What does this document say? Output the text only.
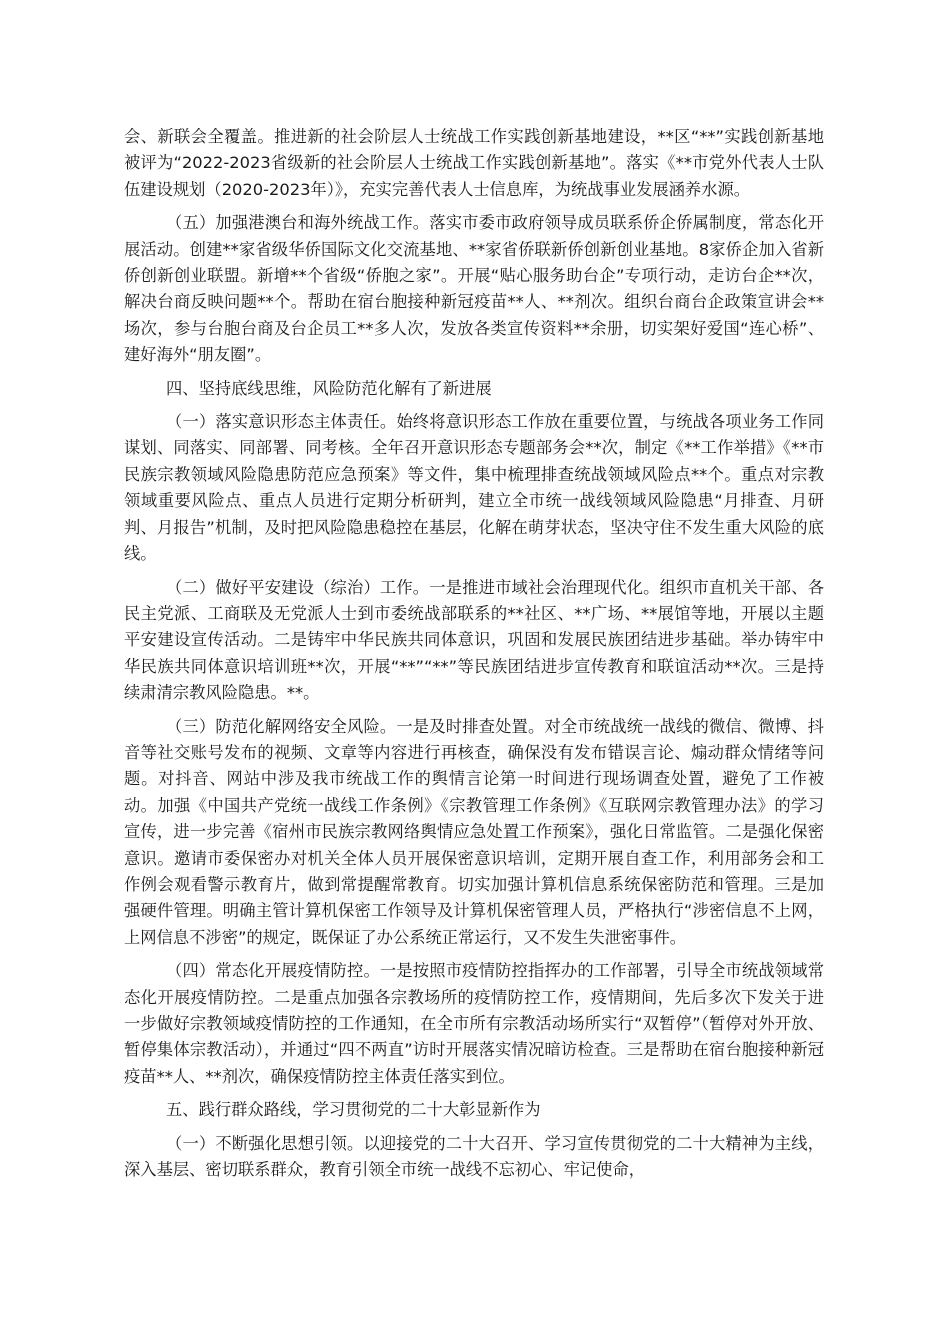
会、新联会全覆盖。推进新的社会阶层人士统战工作实践创新基地建设，**区“**”实践创新基地被评为“2022-2023省级新的社会阶层人士统战工作实践创新基地”。落实《**市党外代表人士队伍建设规划（2020-2023年）》，充实完善代表人士信息库，为统战事业发展涵养水源。

（五）加强港澳台和海外统战工作。落实市委市政府领导成员联系侨企侨属制度，常态化开展活动。创建**家省级华侨国际文化交流基地、**家省侨联新侨创新创业基地。8家侨企加入省新侨创新创业联盟。新增**个省级“侨胞之家”。开展“贴心服务助台企”专项行动，走访台企**次，解决台商反映问题**个。帮助在宿台胞接种新冠疫苗**人、**剂次。组织台商台企政策宣讲会**场次，参与台胞台商及台企员工**多人次，发放各类宣传资料**余册，切实架好爱国“连心桥”、建好海外“朋友圈”。

四、坚持底线思维，风险防范化解有了新进展

（一）落实意识形态主体责任。始终将意识形态工作放在重要位置，与统战各项业务工作同谋划、同落实、同部署、同考核。全年召开意识形态专题部务会**次，制定《**工作举措》《**市民族宗教领域风险隐患防范应急预案》等文件，集中梳理排查统战领域风险点**个。重点对宗教领域重要风险点、重点人员进行定期分析研判，建立全市统一战线领域风险隐患“月排查、月研判、月报告”机制，及时把风险隐患稳控在基层，化解在萌芽状态，坚决守住不发生重大风险的底线。

（二）做好平安建设（综治）工作。一是推进市域社会治理现代化。组织市直机关干部、各民主党派、工商联及无党派人士到市委统战部联系的**社区、**广场、**展馆等地，开展以主题平安建设宣传活动。二是铸牢中华民族共同体意识，巩固和发展民族团结进步基础。举办铸牢中华民族共同体意识培训班**次，开展“**”“**”等民族团结进步宣传教育和联谊活动**次。三是持续肃清宗教风险隐患。**。

（三）防范化解网络安全风险。一是及时排查处置。对全市统战统一战线的微信、微博、抖音等社交账号发布的视频、文章等内容进行再核查，确保没有发布错误言论、煽动群众情绪等问题。对抖音、网站中涉及我市统战工作的舆情言论第一时间进行现场调查处置，避免了工作被动。加强《中国共产党统一战线工作条例》《宗教管理工作条例》《互联网宗教管理办法》的学习宣传，进一步完善《宿州市民族宗教网络舆情应急处置工作预案》，强化日常监管。二是强化保密意识。邀请市委保密办对机关全体人员开展保密意识培训，定期开展自查工作，利用部务会和工作例会观看警示教育片，做到常提醒常教育。切实加强计算机信息系统保密防范和管理。三是加强硬件管理。明确主管计算机保密工作领导及计算机保密管理人员，严格执行“涉密信息不上网，上网信息不涉密”的规定，既保证了办公系统正常运行，又不发生失泄密事件。

（四）常态化开展疫情防控。一是按照市疫情防控指挥办的工作部署，引导全市统战领域常态化开展疫情防控。二是重点加强各宗教场所的疫情防控工作，疫情期间，先后多次下发关于进一步做好宗教领域疫情防控的工作通知，在全市所有宗教活动场所实行“双暂停”（暂停对外开放、暂停集体宗教活动），并通过“四不两直”访时开展落实情况暗访检查。三是帮助在宿台胞接种新冠疫苗**人、**剂次，确保疫情防控主体责任落实到位。

五、践行群众路线，学习贯彻党的二十大彰显新作为

（一）不断强化思想引领。以迎接党的二十大召开、学习宣传贯彻党的二十大精神为主线，深入基层、密切联系群众，教育引领全市统一战线不忘初心、牢记使命，
